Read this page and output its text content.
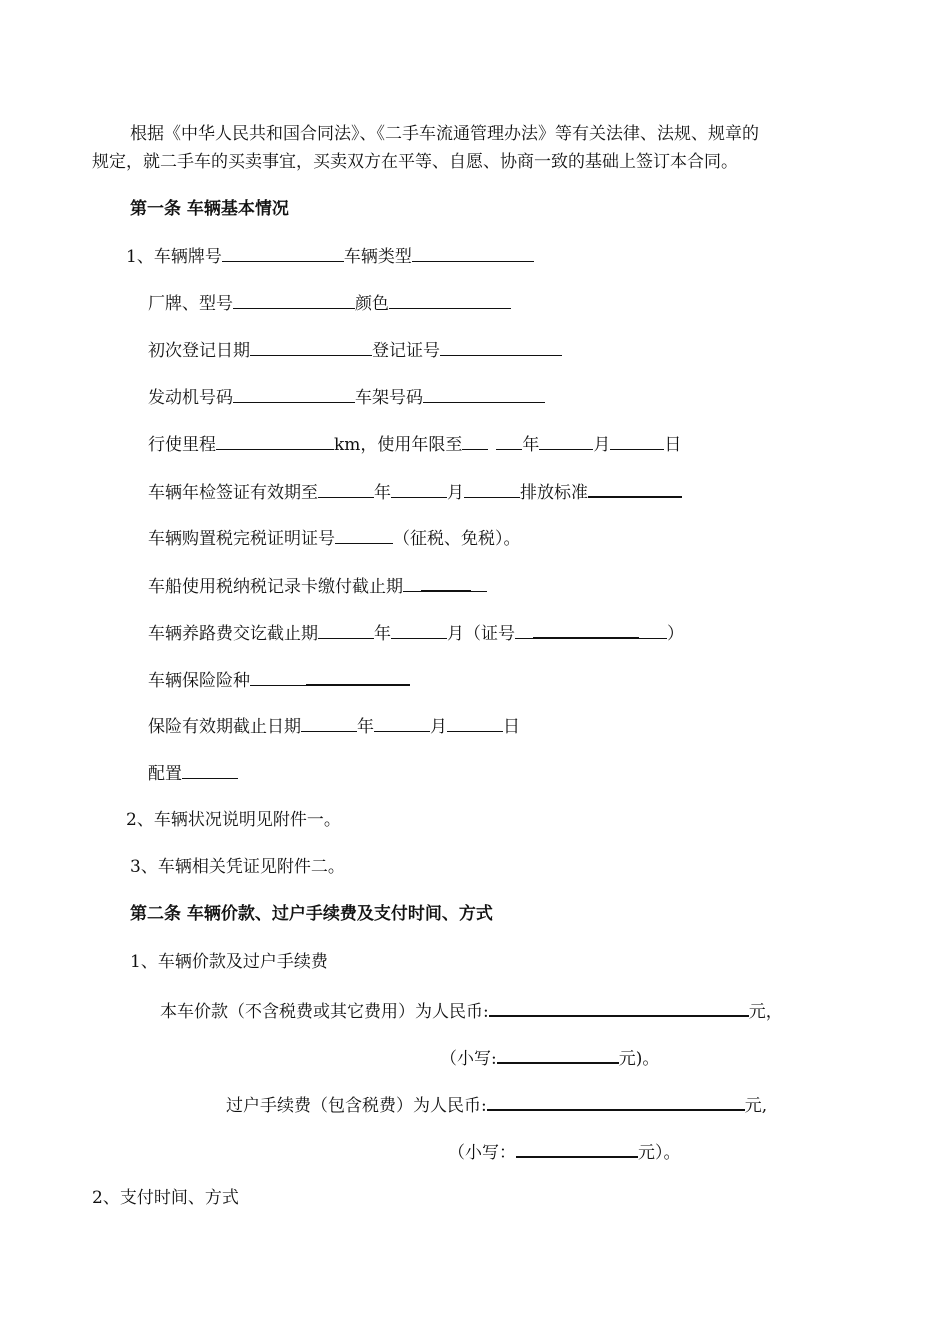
根据《中华人民共和国合同法》、《二手车流通管理办法》等有关法律、法规、规章的
规定，就二手车的买卖事宜，买卖双方在平等、自愿、协商一致的基础上签订本合同。
第一条 车辆基本情况
1、车辆牌号	车辆类型
厂牌、型号	颜色
初次登记日期	登记证号
发动机号码	车架号码
行使里程	km，使用年限至	年	月	日
车辆年检签证有效期至	年	月	排放标准
车辆购置税完税证明证号	（征税、免税）。
车船使用税纳税记录卡缴付截止期
车辆养路费交讫截止期	年	月（证号	）
车辆保险险种
保险有效期截止日期	年	月	日
配置
2、车辆状况说明见附件一。
3、车辆相关凭证见附件二。
第二条 车辆价款、过户手续费及支付时间、方式
1、车辆价款及过户手续费
本车价款（不含税费或其它费用）为人民币:	元，
（小写:	元)。
过户手续费（包含税费）为人民币:	元,
（小写：	元）。
2、支付时间、方式
